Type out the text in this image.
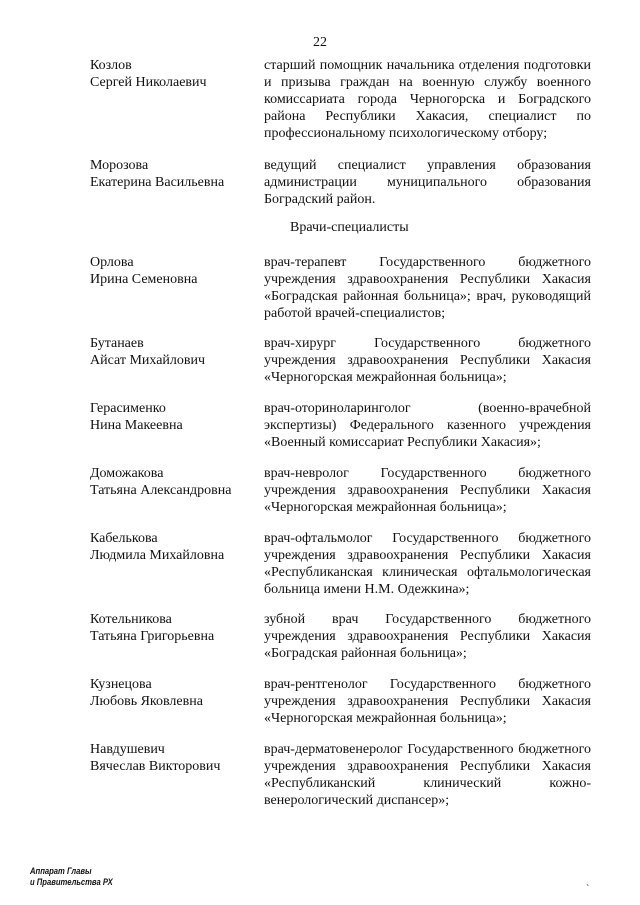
22
Козлов
Сергей Николаевич
старший помощник начальника отделения подготовки и призыва граждан на военную службу военного комиссариата города Черногорска и Боградского района Республики Хакасия, специалист по профессиональному психологическому отбору;
Морозова
Екатерина Васильевна
ведущий специалист управления образования администрации муниципального образования Боградский район.
Врачи-специалисты
Орлова
Ирина Семеновна
врач-терапевт Государственного бюджетного учреждения здравоохранения Республики Хакасия «Боградская районная больница»; врач, руководящий работой врачей-специалистов;
Бутанаев
Айсат Михайлович
врач-хирург Государственного бюджетного учреждения здравоохранения Республики Хакасия «Черногорская межрайонная больница»;
Герасименко
Нина Макеевна
врач-оториноларинголог (военно-врачебной экспертизы) Федерального казенного учреждения «Военный комиссариат Республики Хакасия»;
Доможакова
Татьяна Александровна
врач-невролог Государственного бюджетного учреждения здравоохранения Республики Хакасия «Черногорская межрайонная больница»;
Кабелькова
Людмила Михайловна
врач-офтальмолог Государственного бюджетного учреждения здравоохранения Республики Хакасия «Республиканская клиническая офтальмологическая больница имени Н.М. Одежкина»;
Котельникова
Татьяна Григорьевна
зубной врач Государственного бюджетного учреждения здравоохранения Республики Хакасия «Боградская районная больница»;
Кузнецова
Любовь Яковлевна
врач-рентгенолог Государственного бюджетного учреждения здравоохранения Республики Хакасия «Черногорская межрайонная больница»;
Навдушевич
Вячеслав Викторович
врач-дерматовенеролог Государственного бюджетного учреждения здравоохранения Республики Хакасия «Республиканский клинический кожно-венерологический диспансер»;
Аппарат Главы
и Правительства РХ
ˋ
